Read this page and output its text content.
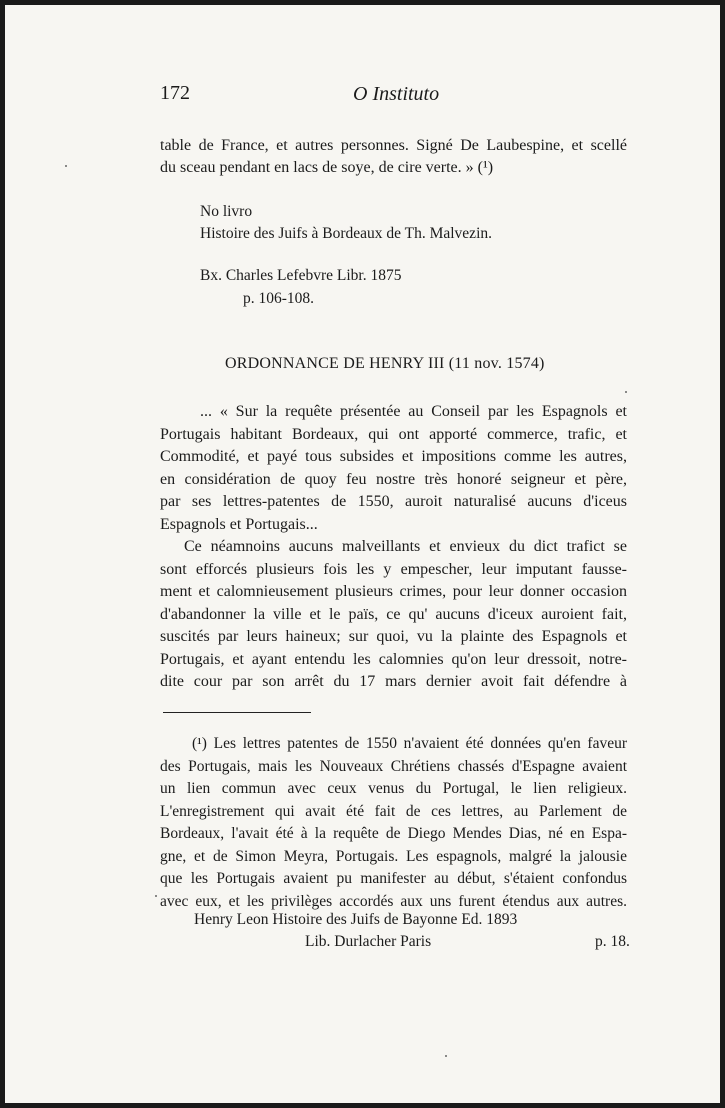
172	O Instituto
table de France, et autres personnes. Signé De Laubespine, et scellé
du sceau pendant en lacs de soye, de cire verte. » (¹)
No livro
Histoire des Juifs à Bordeaux de Th. Malvezin.
Bx. Charles Lefebvre Libr. 1875
p. 106-108.
ORDONNANCE DE HENRY III (11 nov. 1574)
... « Sur la requête présentée au Conseil par les Espagnols et
Portugais habitant Bordeaux, qui ont apporté commerce, trafic, et
Commodité, et payé tous subsides et impositions comme les autres,
en considération de quoy feu nostre très honoré seigneur et père,
par ses lettres-patentes de 1550, auroit naturalisé aucuns d'iceus
Espagnols et Portugais...
Ce néamnoins aucuns malveillants et envieux du dict trafict se
sont efforcés plusieurs fois les y empescher, leur imputant fausse-
ment et calomnieusement plusieurs crimes, pour leur donner occasion
d'abandonner la ville et le païs, ce qu' aucuns d'iceux auroient fait,
suscités par leurs haineux; sur quoi, vu la plainte des Espagnols et
Portugais, et ayant entendu les calomnies qu'on leur dressoit, notre-
dite cour par son arrêt du 17 mars dernier avoit fait défendre à
(¹) Les lettres patentes de 1550 n'avaient été données qu'en faveur
des Portugais, mais les Nouveaux Chrétiens chassés d'Espagne avaient
un lien commun avec ceux venus du Portugal, le lien religieux.
L'enregistrement qui avait été fait de ces lettres, au Parlement de
Bordeaux, l'avait été à la requête de Diego Mendes Dias, né en Espa-
gne, et de Simon Meyra, Portugais. Les espagnols, malgré la jalousie
que les Portugais avaient pu manifester au début, s'étaient confondus
avec eux, et les privilèges accordés aux uns furent étendus aux autres.
Henry Leon Histoire des Juifs de Bayonne Ed. 1893
Lib. Durlacher Paris	p. 18.
